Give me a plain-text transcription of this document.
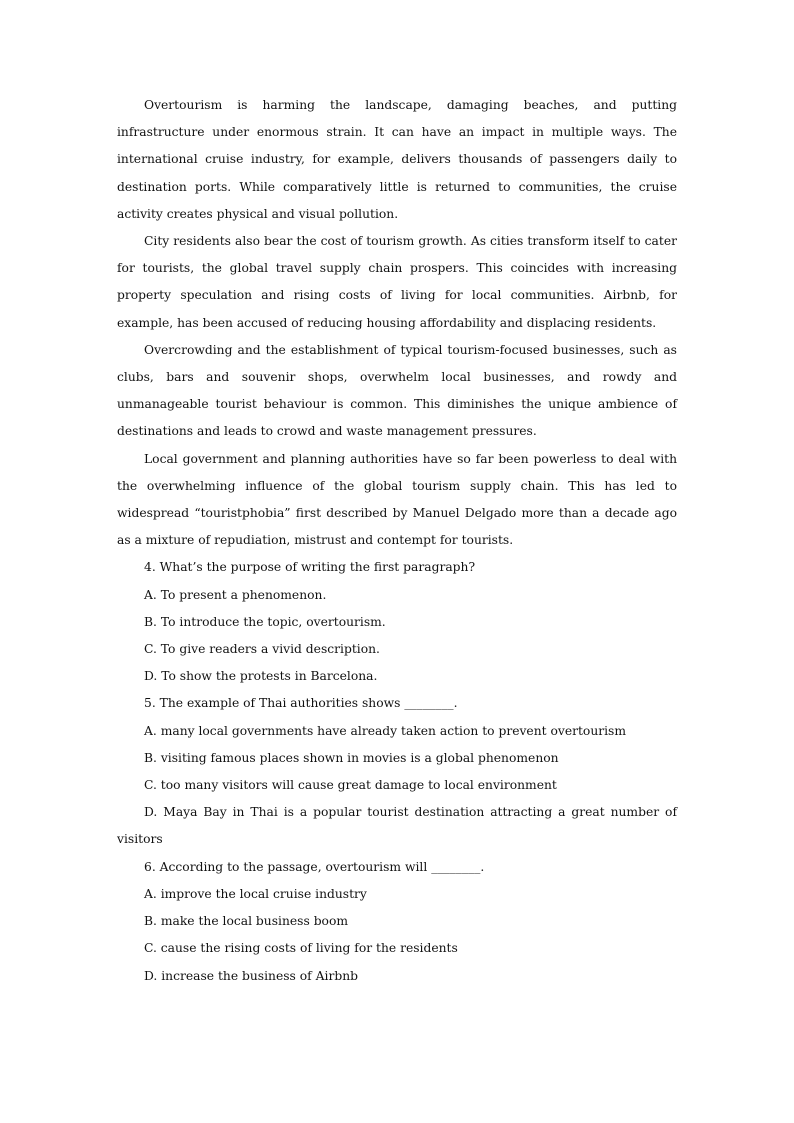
Overtourism is harming the landscape, damaging beaches, and putting infrastructure under enormous strain. It can have an impact in multiple ways. The international cruise industry, for example, delivers thousands of passengers daily to destination ports. While comparatively little is returned to communities, the cruise activity creates physical and visual pollution.

City residents also bear the cost of tourism growth. As cities transform itself to cater for tourists, the global travel supply chain prospers. This coincides with increasing property speculation and rising costs of living for local communities. Airbnb, for example, has been accused of reducing housing affordability and displacing residents.

Overcrowding and the establishment of typical tourism-focused businesses, such as clubs, bars and souvenir shops, overwhelm local businesses, and rowdy and unmanageable tourist behaviour is common. This diminishes the unique ambience of destinations and leads to crowd and waste management pressures.

Local government and planning authorities have so far been powerless to deal with the overwhelming influence of the global tourism supply chain. This has led to widespread “touristphobia” first described by Manuel Delgado more than a decade ago as a mixture of repudiation, mistrust and contempt for tourists.

4. What’s the purpose of writing the first paragraph?

A. To present a phenomenon.

B. To introduce the topic, overtourism.

C. To give readers a vivid description.

D. To show the protests in Barcelona.

5. The example of Thai authorities shows ________.

A. many local governments have already taken action to prevent overtourism

B. visiting famous places shown in movies is a global phenomenon

C. too many visitors will cause great damage to local environment

D. Maya Bay in Thai is a popular tourist destination attracting a great number of visitors

6. According to the passage, overtourism will ________.

A. improve the local cruise industry

B. make the local business boom

C. cause the rising costs of living for the residents

D. increase the business of Airbnb
